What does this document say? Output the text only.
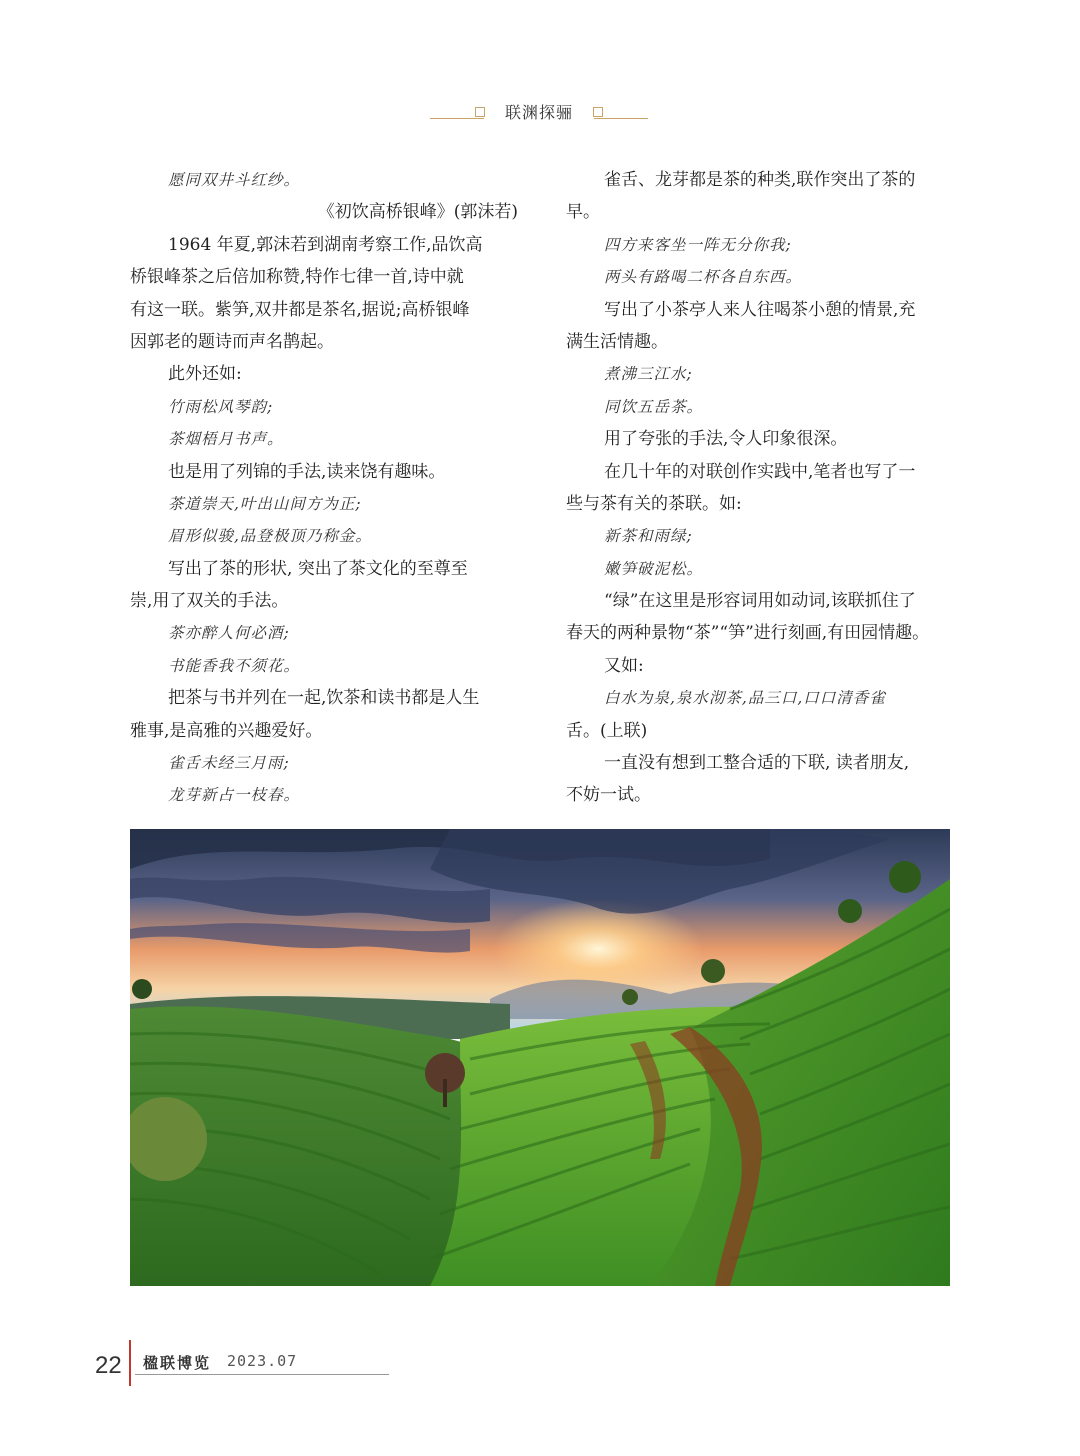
联渊探骊
愿同双井斗红纱。
《初饮高桥银峰》(郭沫若)
1964 年夏,郭沫若到湖南考察工作,品饮高
桥银峰茶之后倍加称赞,特作七律一首,诗中就
有这一联。紫笋,双井都是茶名,据说;高桥银峰
因郭老的题诗而声名鹊起。
此外还如:
竹雨松风琴韵;
茶烟梧月书声。
也是用了列锦的手法,读来饶有趣味。
茶道崇天,叶出山间方为正;
眉形似骏,品登极顶乃称金。
写出了茶的形状, 突出了茶文化的至尊至
崇,用了双关的手法。
茶亦醉人何必酒;
书能香我不须花。
把茶与书并列在一起,饮茶和读书都是人生
雅事,是高雅的兴趣爱好。
雀舌未经三月雨;
龙芽新占一枝春。
雀舌、龙芽都是茶的种类,联作突出了茶的
早。
四方来客坐一阵无分你我;
两头有路喝二杯各自东西。
写出了小茶亭人来人往喝茶小憩的情景,充
满生活情趣。
煮沸三江水;
同饮五岳茶。
用了夸张的手法,令人印象很深。
在几十年的对联创作实践中,笔者也写了一
些与茶有关的茶联。如:
新茶和雨绿;
嫩笋破泥松。
“绿”在这里是形容词用如动词,该联抓住了
春天的两种景物“茶”“笋”进行刻画,有田园情趣。
又如:
白水为泉,泉水沏茶,品三口,口口清香雀
舌。(上联)
一直没有想到工整合适的下联, 读者朋友,
不妨一试。
22 楹联博览 2023.07
